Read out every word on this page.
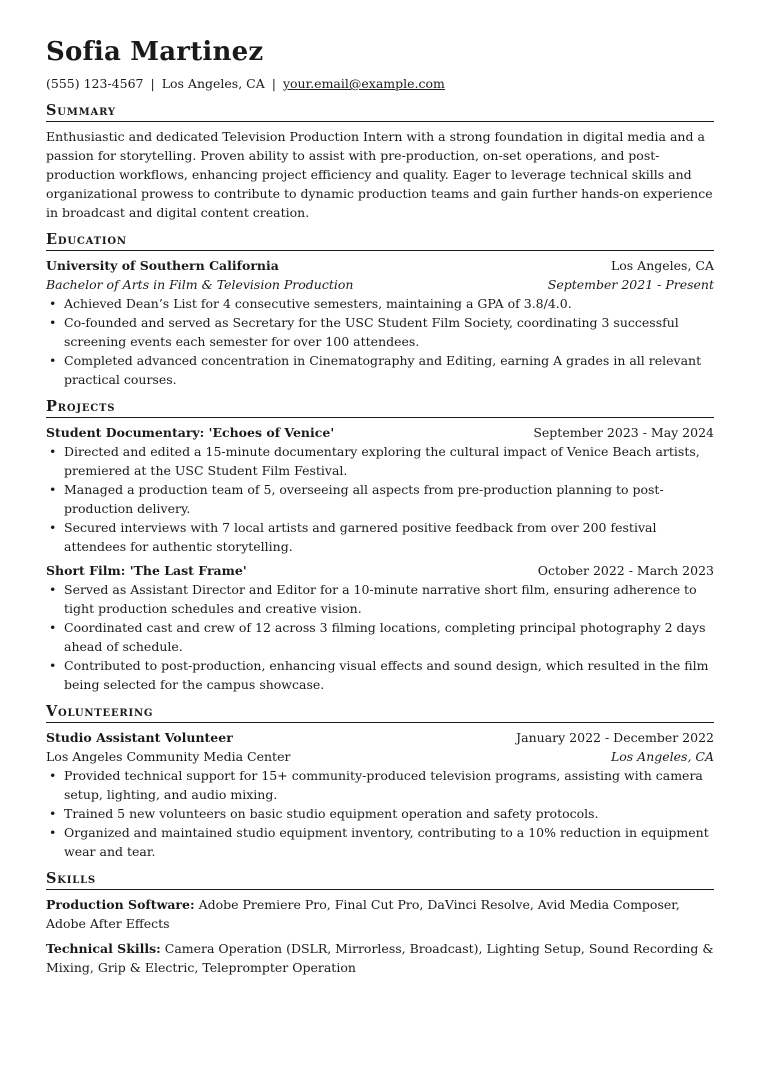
Sofia Martinez
(555) 123-4567 | Los Angeles, CA | your.email@example.com
Summary
Enthusiastic and dedicated Television Production Intern with a strong foundation in digital media and a passion for storytelling. Proven ability to assist with pre-production, on-set operations, and post-production workflows, enhancing project efficiency and quality. Eager to leverage technical skills and organizational prowess to contribute to dynamic production teams and gain further hands-on experience in broadcast and digital content creation.
Education
University of Southern California	Los Angeles, CA
Bachelor of Arts in Film & Television Production	September 2021 - Present
• Achieved Dean’s List for 4 consecutive semesters, maintaining a GPA of 3.8/4.0.
• Co-founded and served as Secretary for the USC Student Film Society, coordinating 3 successful screening events each semester for over 100 attendees.
• Completed advanced concentration in Cinematography and Editing, earning A grades in all relevant practical courses.
Projects
Student Documentary: 'Echoes of Venice'	September 2023 - May 2024
• Directed and edited a 15-minute documentary exploring the cultural impact of Venice Beach artists, premiered at the USC Student Film Festival.
• Managed a production team of 5, overseeing all aspects from pre-production planning to post-production delivery.
• Secured interviews with 7 local artists and garnered positive feedback from over 200 festival attendees for authentic storytelling.
Short Film: 'The Last Frame'	October 2022 - March 2023
• Served as Assistant Director and Editor for a 10-minute narrative short film, ensuring adherence to tight production schedules and creative vision.
• Coordinated cast and crew of 12 across 3 filming locations, completing principal photography 2 days ahead of schedule.
• Contributed to post-production, enhancing visual effects and sound design, which resulted in the film being selected for the campus showcase.
Volunteering
Studio Assistant Volunteer	January 2022 - December 2022
Los Angeles Community Media Center	Los Angeles, CA
• Provided technical support for 15+ community-produced television programs, assisting with camera setup, lighting, and audio mixing.
• Trained 5 new volunteers on basic studio equipment operation and safety protocols.
• Organized and maintained studio equipment inventory, contributing to a 10% reduction in equipment wear and tear.
Skills
Production Software: Adobe Premiere Pro, Final Cut Pro, DaVinci Resolve, Avid Media Composer, Adobe After Effects
Technical Skills: Camera Operation (DSLR, Mirrorless, Broadcast), Lighting Setup, Sound Recording & Mixing, Grip & Electric, Teleprompter Operation
